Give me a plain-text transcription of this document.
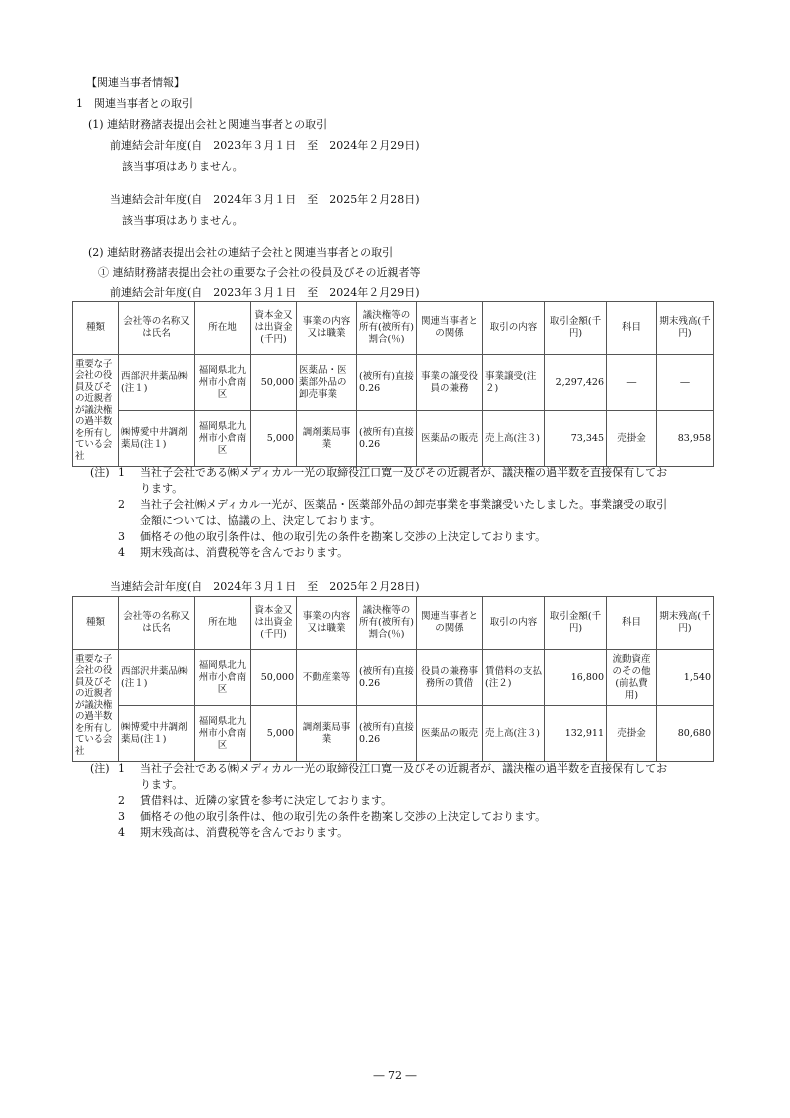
【関連当事者情報】
1　関連当事者との取引
(1) 連結財務諸表提出会社と関連当事者との取引
前連結会計年度(自　2023年３月１日　至　2024年２月29日)
該当事項はありません。
当連結会計年度(自　2024年３月１日　至　2025年２月28日)
該当事項はありません。
(2) 連結財務諸表提出会社の連結子会社と関連当事者との取引
① 連結財務諸表提出会社の重要な子会社の役員及びその近親者等
前連結会計年度(自　2023年３月１日　至　2024年２月29日)
種類	会社等の名称又は氏名	所在地	資本金又は出資金(千円)	事業の内容又は職業	議決権等の所有(被所有)割合(％)	関連当事者との関係	取引の内容	取引金額(千円)	科目	期末残高(千円)
重要な子会社の役員及びその近親者が議決権の過半数を所有している会社	西部沢井薬品㈱(注１)	福岡県北九州市小倉南区	50,000	医薬品・医薬部外品の卸売事業	(被所有)直接 0.26	事業の譲受役員の兼務	事業譲受(注２)	2,297,426	―	―
	㈱博愛中井調剤薬局(注１)	福岡県北九州市小倉南区	5,000	調剤薬局事業	(被所有)直接 0.26	医薬品の販売	売上高(注３)	73,345	売掛金	83,958
(注) 1 当社子会社である㈱メディカル一光の取締役江口寛一及びその近親者が、議決権の過半数を直接保有してお
ります。
2 当社子会社㈱メディカル一光が、医薬品・医薬部外品の卸売事業を事業譲受いたしました。事業譲受の取引
金額については、協議の上、決定しております。
3 価格その他の取引条件は、他の取引先の条件を勘案し交渉の上決定しております。
4 期末残高は、消費税等を含んでおります。
当連結会計年度(自　2024年３月１日　至　2025年２月28日)
種類	会社等の名称又は氏名	所在地	資本金又は出資金(千円)	事業の内容又は職業	議決権等の所有(被所有)割合(％)	関連当事者との関係	取引の内容	取引金額(千円)	科目	期末残高(千円)
重要な子会社の役員及びその近親者が議決権の過半数を所有している会社	西部沢井薬品㈱(注１)	福岡県北九州市小倉南区	50,000	不動産業等	(被所有)直接 0.26	役員の兼務事務所の賃借	賃借料の支払(注２)	16,800	流動資産のその他(前払費用)	1,540
	㈱博愛中井調剤薬局(注１)	福岡県北九州市小倉南区	5,000	調剤薬局事業	(被所有)直接 0.26	医薬品の販売	売上高(注３)	132,911	売掛金	80,680
(注) 1 当社子会社である㈱メディカル一光の取締役江口寛一及びその近親者が、議決権の過半数を直接保有してお
ります。
2 賃借料は、近隣の家賃を参考に決定しております。
3 価格その他の取引条件は、他の取引先の条件を勘案し交渉の上決定しております。
4 期末残高は、消費税等を含んでおります。
― 72 ―
